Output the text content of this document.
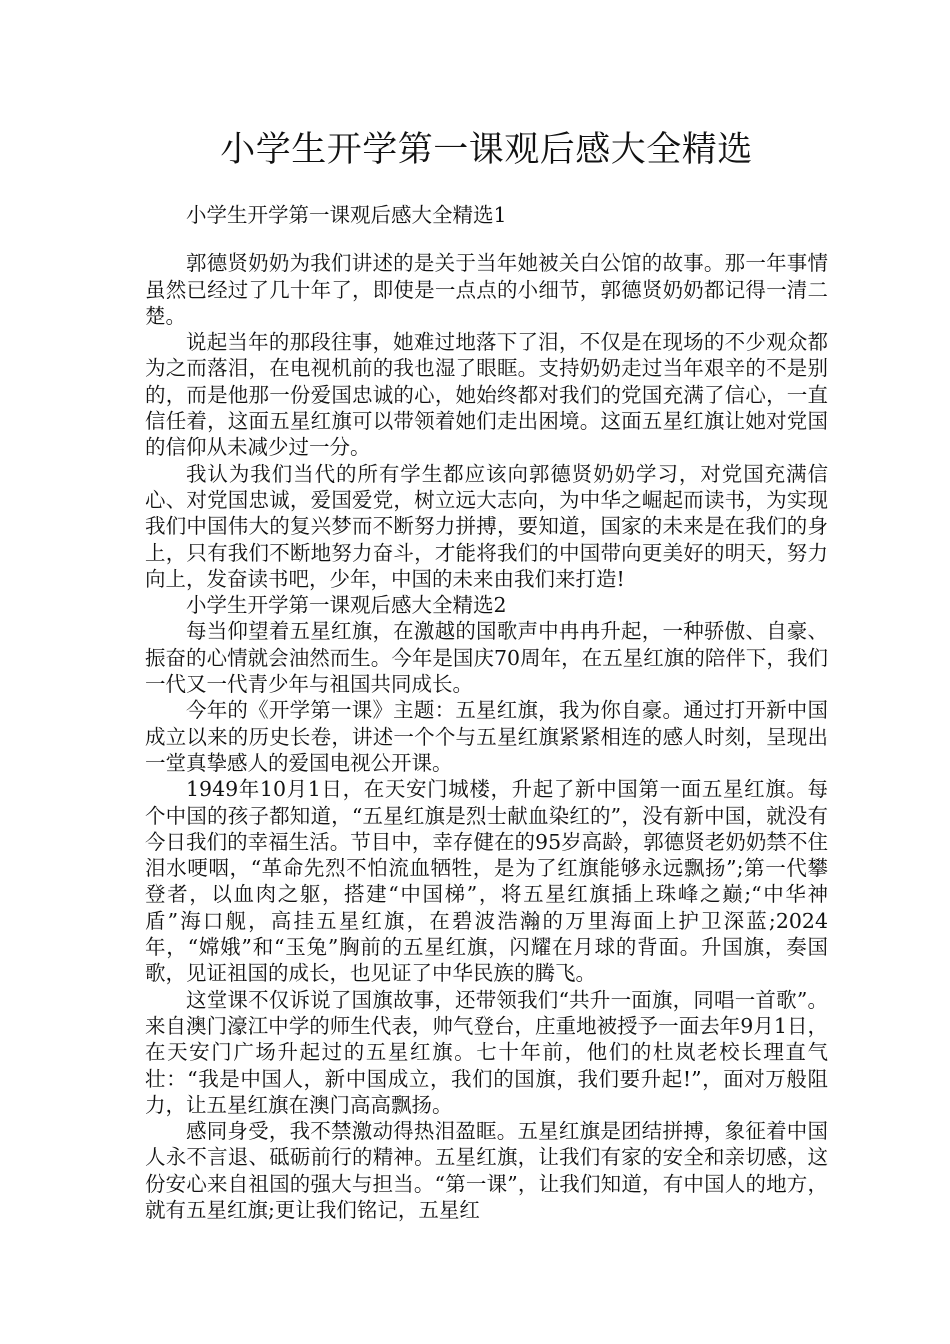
小学生开学第一课观后感大全精选

小学生开学第一课观后感大全精选1

郭德贤奶奶为我们讲述的是关于当年她被关白公馆的故事。那一年事情虽然已经过了几十年了，即使是一点点的小细节，郭德贤奶奶都记得一清二楚。

说起当年的那段往事，她难过地落下了泪，不仅是在现场的不少观众都为之而落泪，在电视机前的我也湿了眼眶。支持奶奶走过当年艰辛的不是别的，而是他那一份爱国忠诚的心，她始终都对我们的党国充满了信心，一直信任着，这面五星红旗可以带领着她们走出困境。这面五星红旗让她对党国的信仰从未减少过一分。

我认为我们当代的所有学生都应该向郭德贤奶奶学习，对党国充满信心、对党国忠诚，爱国爱党，树立远大志向，为中华之崛起而读书，为实现我们中国伟大的复兴梦而不断努力拼搏，要知道，国家的未来是在我们的身上，只有我们不断地努力奋斗，才能将我们的中国带向更美好的明天，努力向上，发奋读书吧，少年，中国的未来由我们来打造!

小学生开学第一课观后感大全精选2

每当仰望着五星红旗，在激越的国歌声中冉冉升起，一种骄傲、自豪、振奋的心情就会油然而生。今年是国庆70周年，在五星红旗的陪伴下，我们一代又一代青少年与祖国共同成长。

今年的《开学第一课》主题：五星红旗，我为你自豪。通过打开新中国成立以来的历史长卷，讲述一个个与五星红旗紧紧相连的感人时刻，呈现出一堂真挚感人的爱国电视公开课。

1949年10月1日，在天安门城楼，升起了新中国第一面五星红旗。每个中国的孩子都知道，“五星红旗是烈士献血染红的”，没有新中国，就没有今日我们的幸福生活。节目中，幸存健在的95岁高龄，郭德贤老奶奶禁不住泪水哽咽，“革命先烈不怕流血牺牲，是为了红旗能够永远飘扬”;第一代攀登者，以血肉之躯，搭建“中国梯”，将五星红旗插上珠峰之巅;“中华神盾”海口舰，高挂五星红旗，在碧波浩瀚的万里海面上护卫深蓝;2024年，“嫦娥”和“玉兔”胸前的五星红旗，闪耀在月球的背面。升国旗，奏国歌，见证祖国的成长，也见证了中华民族的腾飞。

这堂课不仅诉说了国旗故事，还带领我们“共升一面旗，同唱一首歌”。来自澳门濠江中学的师生代表，帅气登台，庄重地被授予一面去年9月1日，在天安门广场升起过的五星红旗。七十年前，他们的杜岚老校长理直气壮：“我是中国人，新中国成立，我们的国旗，我们要升起!”，面对万般阻力，让五星红旗在澳门高高飘扬。

感同身受，我不禁激动得热泪盈眶。五星红旗是团结拼搏，象征着中国人永不言退、砥砺前行的精神。五星红旗，让我们有家的安全和亲切感，这份安心来自祖国的强大与担当。“第一课”，让我们知道，有中国人的地方，就有五星红旗;更让我们铭记，五星红
